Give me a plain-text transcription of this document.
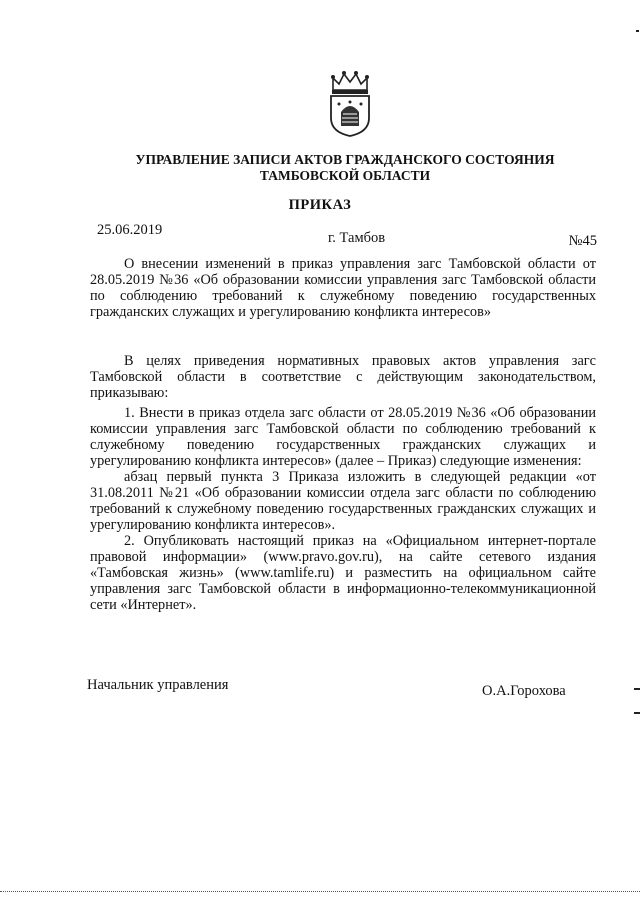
УПРАВЛЕНИЕ ЗАПИСИ АКТОВ ГРАЖДАНСКОГО СОСТОЯНИЯ ТАМБОВСКОЙ ОБЛАСТИ
ПРИКАЗ
25.06.2019	г. Тамбов	№45
О внесении изменений в приказ управления загс Тамбовской области от 28.05.2019 №36 «Об образовании комиссии управления загс Тамбовской области по соблюдению требований к служебному поведению государственных гражданских служащих и урегулированию конфликта интересов»

В целях приведения нормативных правовых актов управления загс Тамбовской области в соответствие с действующим законодательством, приказываю:

1. Внести в приказ отдела загс области от 28.05.2019 №36 «Об образовании комиссии управления загс Тамбовской области по соблюдению требований к служебному поведению государственных гражданских служащих и урегулированию конфликта интересов» (далее – Приказ) следующие изменения:

абзац первый пункта 3 Приказа изложить в следующей редакции «от 31.08.2011 №21 «Об образовании комиссии отдела загс области по соблюдению требований к служебному поведению государственных гражданских служащих и урегулированию конфликта интересов».

2. Опубликовать настоящий приказ на «Официальном интернет-портале правовой информации» (www.pravo.gov.ru), на сайте сетевого издания «Тамбовская жизнь» (www.tamlife.ru) и разместить на официальном сайте управления загс Тамбовской области в информационно-телекоммуникационной сети «Интернет».

Начальник управления	О.А.Горохова
